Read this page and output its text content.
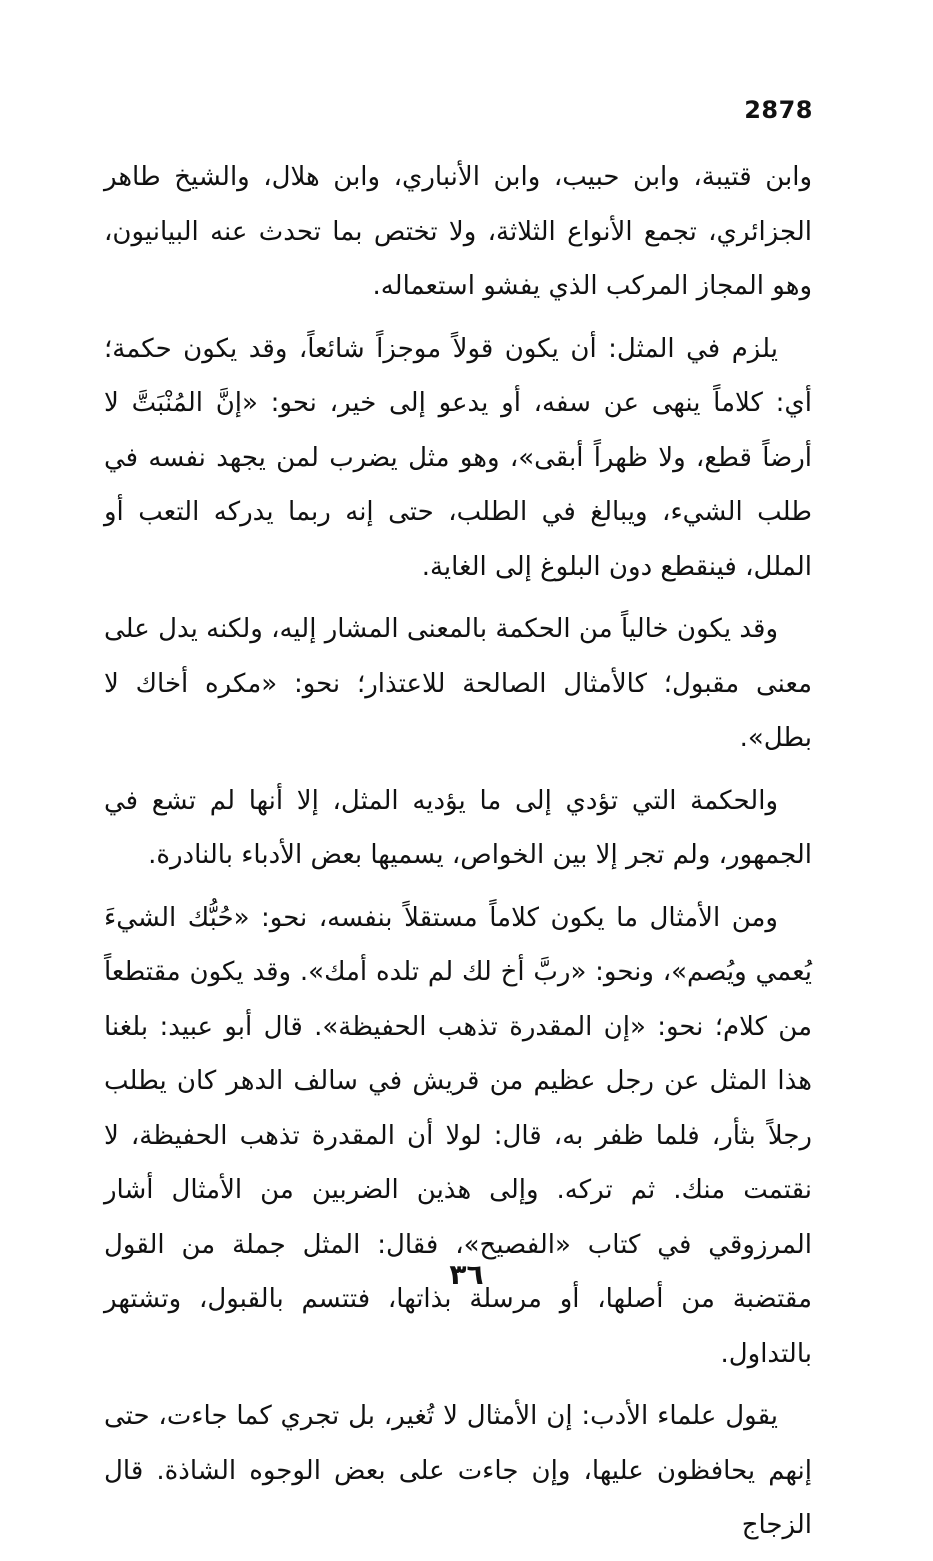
2878

وابن قتيبة، وابن حبيب، وابن الأنباري، وابن هلال، والشيخ طاهر الجزائري، تجمع الأنواع الثلاثة، ولا تختص بما تحدث عنه البيانيون، وهو المجاز المركب الذي يفشو استعماله.

يلزم في المثل: أن يكون قولاً موجزاً شائعاً، وقد يكون حكمة؛ أي: كلاماً ينهى عن سفه، أو يدعو إلى خير، نحو: «إنَّ المُنْبَتَّ لا أرضاً قطع، ولا ظهراً أبقى»، وهو مثل يضرب لمن يجهد نفسه في طلب الشيء، ويبالغ في الطلب، حتى إنه ربما يدركه التعب أو الملل، فينقطع دون البلوغ إلى الغاية.

وقد يكون خالياً من الحكمة بالمعنى المشار إليه، ولكنه يدل على معنى مقبول؛ كالأمثال الصالحة للاعتذار؛ نحو: «مكره أخاك لا بطل».

والحكمة التي تؤدي إلى ما يؤديه المثل، إلا أنها لم تشع في الجمهور، ولم تجر إلا بين الخواص، يسميها بعض الأدباء بالنادرة.

ومن الأمثال ما يكون كلاماً مستقلاً بنفسه، نحو: «حُبُّك الشيءَ يُعمي ويُصم»، ونحو: «ربَّ أخ لك لم تلده أمك». وقد يكون مقتطعاً من كلام؛ نحو: «إن المقدرة تذهب الحفيظة». قال أبو عبيد: بلغنا هذا المثل عن رجل عظيم من قريش في سالف الدهر كان يطلب رجلاً بثأر، فلما ظفر به، قال: لولا أن المقدرة تذهب الحفيظة، لا نقتمت منك. ثم تركه. وإلى هذين الضربين من الأمثال أشار المرزوقي في كتاب «الفصيح»، فقال: المثل جملة من القول مقتضبة من أصلها، أو مرسلة بذاتها، فتتسم بالقبول، وتشتهر بالتداول.

يقول علماء الأدب: إن الأمثال لا تُغير، بل تجري كما جاءت، حتى إنهم يحافظون عليها، وإن جاءت على بعض الوجوه الشاذة. قال الزجاج

٣٦
